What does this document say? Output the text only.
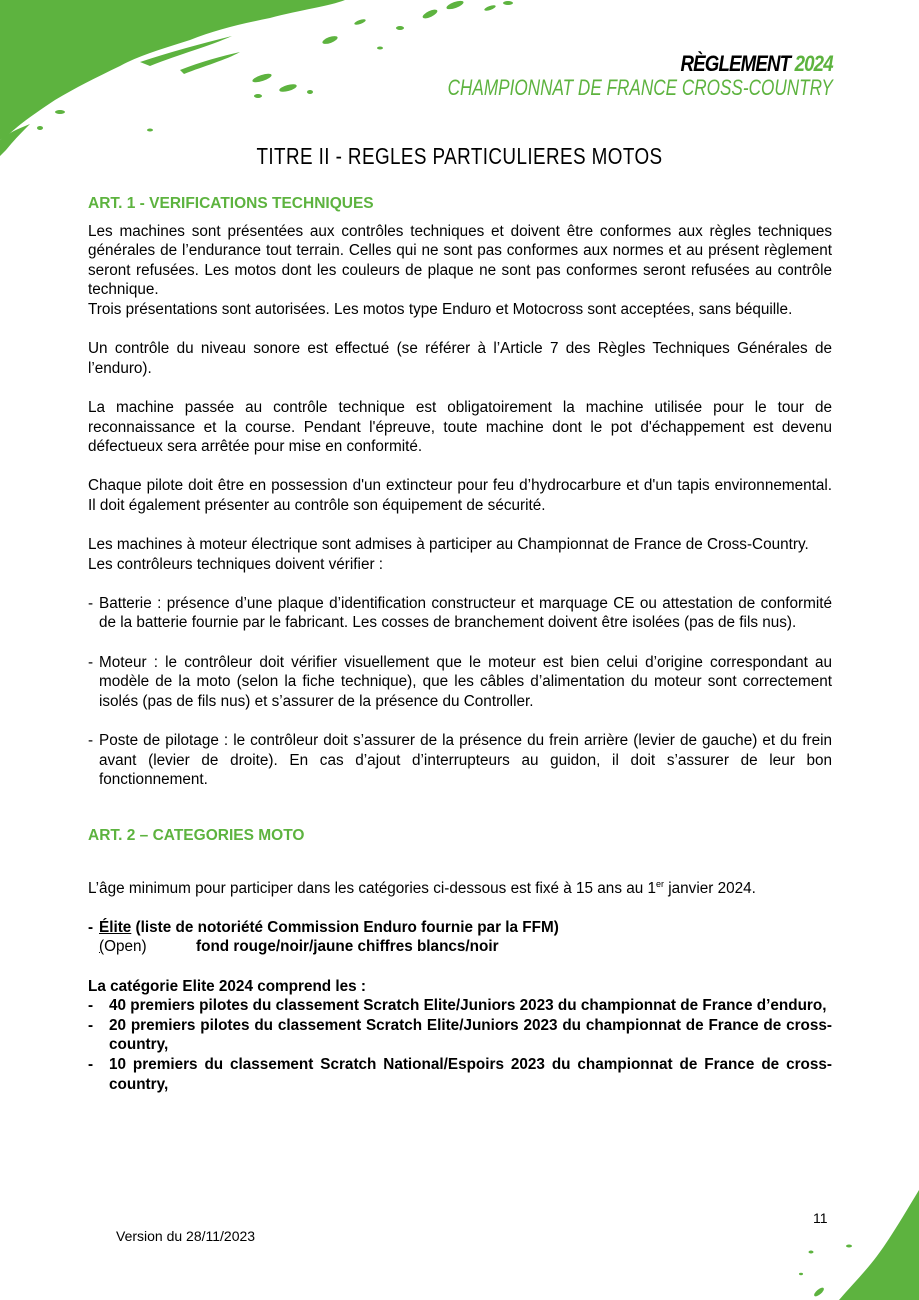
RÈGLEMENT 2024
CHAMPIONNAT DE FRANCE CROSS-COUNTRY
TITRE II - REGLES PARTICULIERES MOTOS
ART. 1 - VERIFICATIONS TECHNIQUES

Les machines sont présentées aux contrôles techniques et doivent être conformes aux règles techniques générales de l’endurance tout terrain. Celles qui ne sont pas conformes aux normes et au présent règlement seront refusées. Les motos dont les couleurs de plaque ne sont pas conformes seront refusées au contrôle technique.

Trois présentations sont autorisées. Les motos type Enduro et Motocross sont acceptées, sans béquille.

Un contrôle du niveau sonore est effectué (se référer à l’Article 7 des Règles Techniques Générales de l’enduro).

La machine passée au contrôle technique est obligatoirement la machine utilisée pour le tour de reconnaissance et la course. Pendant l'épreuve, toute machine dont le pot d'échappement est devenu défectueux sera arrêtée pour mise en conformité.

Chaque pilote doit être en possession d'un extincteur pour feu d’hydrocarbure et d'un tapis environnemental. Il doit également présenter au contrôle son équipement de sécurité.

Les machines à moteur électrique sont admises à participer au Championnat de France de Cross-Country.

Les contrôleurs techniques doivent vérifier :

- Batterie : présence d’une plaque d’identification constructeur et marquage CE ou attestation de conformité de la batterie fournie par le fabricant. Les cosses de branchement doivent être isolées (pas de fils nus).
- Moteur : le contrôleur doit vérifier visuellement que le moteur est bien celui d’origine correspondant au modèle de la moto (selon la fiche technique), que les câbles d’alimentation du moteur sont correctement isolés (pas de fils nus) et s’assurer de la présence du Controller.
- Poste de pilotage : le contrôleur doit s’assurer de la présence du frein arrière (levier de gauche) et du frein avant (levier de droite). En cas d’ajout d’interrupteurs au guidon, il doit s’assurer de leur bon fonctionnement.
ART. 2 – CATEGORIES MOTO

L’âge minimum pour participer dans les catégories ci-dessous est fixé à 15 ans au 1er janvier 2024.

- Élite (liste de notoriété Commission Enduro fournie par la FFM)
(Open)	fond rouge/noir/jaune chiffres blancs/noir

La catégorie Elite 2024 comprend les :

-	40 premiers pilotes du classement Scratch Elite/Juniors 2023 du championnat de France d’enduro,
-	20 premiers pilotes du classement Scratch Elite/Juniors 2023 du championnat de France de cross-country,
-	10 premiers du classement Scratch National/Espoirs 2023 du championnat de France de cross-country,
Version du 28/11/2023
11
